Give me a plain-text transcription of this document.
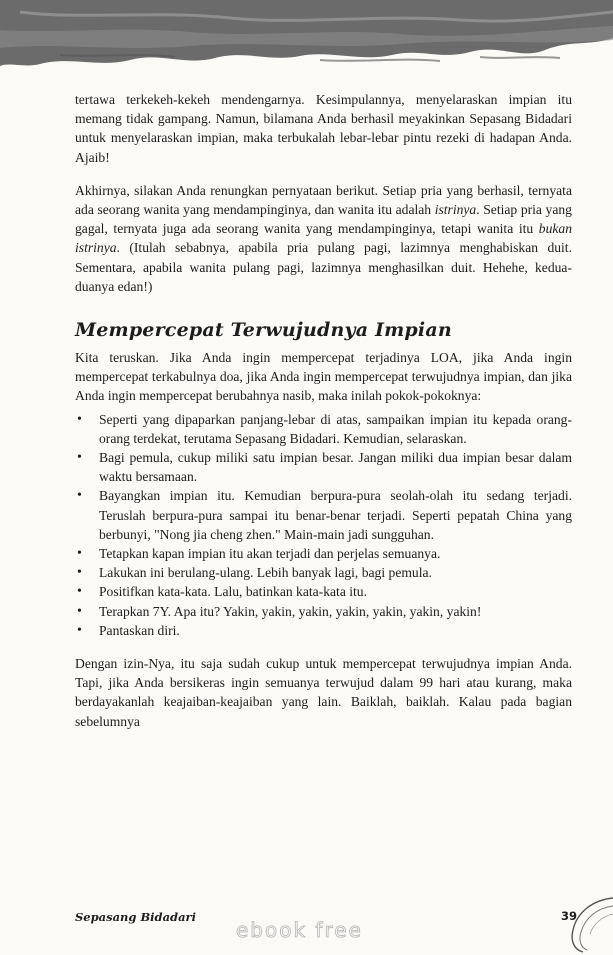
tertawa terkekeh-kekeh mendengarnya. Kesimpulannya, menyelaraskan impian itu memang tidak gampang. Namun, bilamana Anda berhasil meyakinkan Sepasang Bidadari untuk menyelaraskan impian, maka terbukalah lebar-lebar pintu rezeki di hadapan Anda. Ajaib!

Akhirnya, silakan Anda renungkan pernyataan berikut. Setiap pria yang berhasil, ternyata ada seorang wanita yang mendampinginya, dan wanita itu adalah istrinya. Setiap pria yang gagal, ternyata juga ada seorang wanita yang mendampinginya, tetapi wanita itu bukan istrinya. (Itulah sebabnya, apabila pria pulang pagi, lazimnya menghabiskan duit. Sementara, apabila wanita pulang pagi, lazimnya menghasilkan duit. Hehehe, kedua-duanya edan!)

Mempercepat Terwujudnya Impian

Kita teruskan. Jika Anda ingin mempercepat terjadinya LOA, jika Anda ingin mempercepat terkabulnya doa, jika Anda ingin mempercepat terwujudnya impian, dan jika Anda ingin mempercepat berubahnya nasib, maka inilah pokok-pokoknya:

• Seperti yang dipaparkan panjang-lebar di atas, sampaikan impian itu kepada orang-orang terdekat, terutama Sepasang Bidadari. Kemudian, selaraskan.
• Bagi pemula, cukup miliki satu impian besar. Jangan miliki dua impian besar dalam waktu bersamaan.
• Bayangkan impian itu. Kemudian berpura-pura seolah-olah itu sedang terjadi. Teruslah berpura-pura sampai itu benar-benar terjadi. Seperti pepatah China yang berbunyi, "Nong jia cheng zhen." Main-main jadi sungguhan.
• Tetapkan kapan impian itu akan terjadi dan perjelas semuanya.
• Lakukan ini berulang-ulang. Lebih banyak lagi, bagi pemula.
• Positifkan kata-kata. Lalu, batinkan kata-kata itu.
• Terapkan 7Y. Apa itu? Yakin, yakin, yakin, yakin, yakin, yakin, yakin!
• Pantaskan diri.

Dengan izin-Nya, itu saja sudah cukup untuk mempercepat terwujudnya impian Anda. Tapi, jika Anda bersikeras ingin semuanya terwujud dalam 99 hari atau kurang, maka berdayakanlah keajaiban-keajaiban yang lain. Baiklah, baiklah. Kalau pada bagian sebelumnya

Sepasang Bidadari
ebook free
39
